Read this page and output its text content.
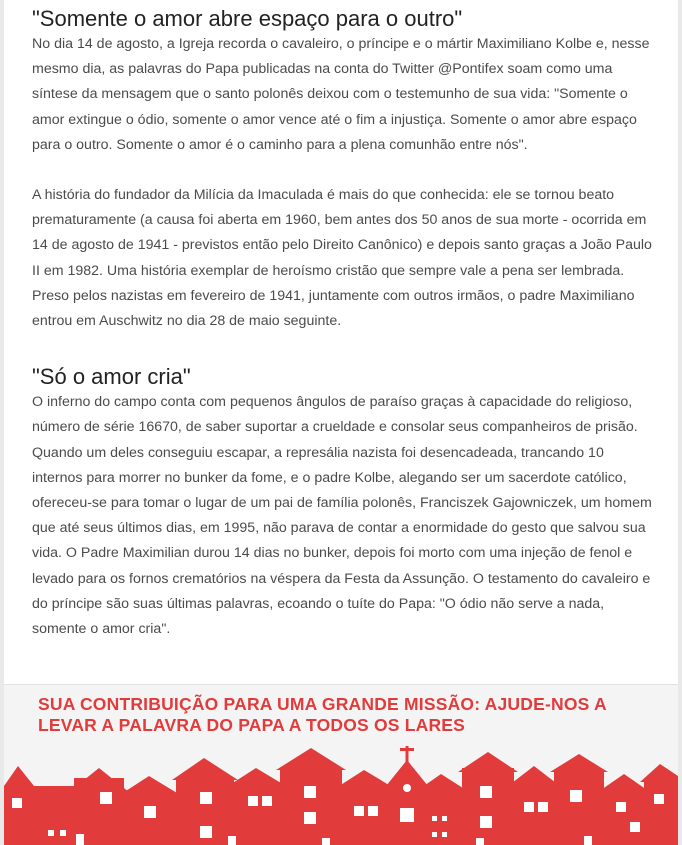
"Somente o amor abre espaço para o outro"

No dia 14 de agosto, a Igreja recorda o cavaleiro, o príncipe e o mártir Maximiliano Kolbe e, nesse mesmo dia, as palavras do Papa publicadas na conta do Twitter @Pontifex soam como uma síntese da mensagem que o santo polonês deixou com o testemunho de sua vida: "Somente o amor extingue o ódio, somente o amor vence até o fim a injustiça. Somente o amor abre espaço para o outro. Somente o amor é o caminho para a plena comunhão entre nós".

A história do fundador da Milícia da Imaculada é mais do que conhecida: ele se tornou beato prematuramente (a causa foi aberta em 1960, bem antes dos 50 anos de sua morte - ocorrida em 14 de agosto de 1941 - previstos então pelo Direito Canônico) e depois santo graças a João Paulo II em 1982. Uma história exemplar de heroísmo cristão que sempre vale a pena ser lembrada. Preso pelos nazistas em fevereiro de 1941, juntamente com outros irmãos, o padre Maximiliano entrou em Auschwitz no dia 28 de maio seguinte.

"Só o amor cria"

O inferno do campo conta com pequenos ângulos de paraíso graças à capacidade do religioso, número de série 16670, de saber suportar a crueldade e consolar seus companheiros de prisão. Quando um deles conseguiu escapar, a represália nazista foi desencadeada, trancando 10 internos para morrer no bunker da fome, e o padre Kolbe, alegando ser um sacerdote católico, ofereceu-se para tomar o lugar de um pai de família polonês, Franciszek Gajowniczek, um homem que até seus últimos dias, em 1995, não parava de contar a enormidade do gesto que salvou sua vida. O Padre Maximilian durou 14 dias no bunker, depois foi morto com uma injeção de fenol e levado para os fornos crematórios na véspera da Festa da Assunção. O testamento do cavaleiro e do príncipe são suas últimas palavras, ecoando o tuíte do Papa: "O ódio não serve a nada, somente o amor cria".

SUA CONTRIBUIÇÃO PARA UMA GRANDE MISSÃO: AJUDE-NOS A LEVAR A PALAVRA DO PAPA A TODOS OS LARES
